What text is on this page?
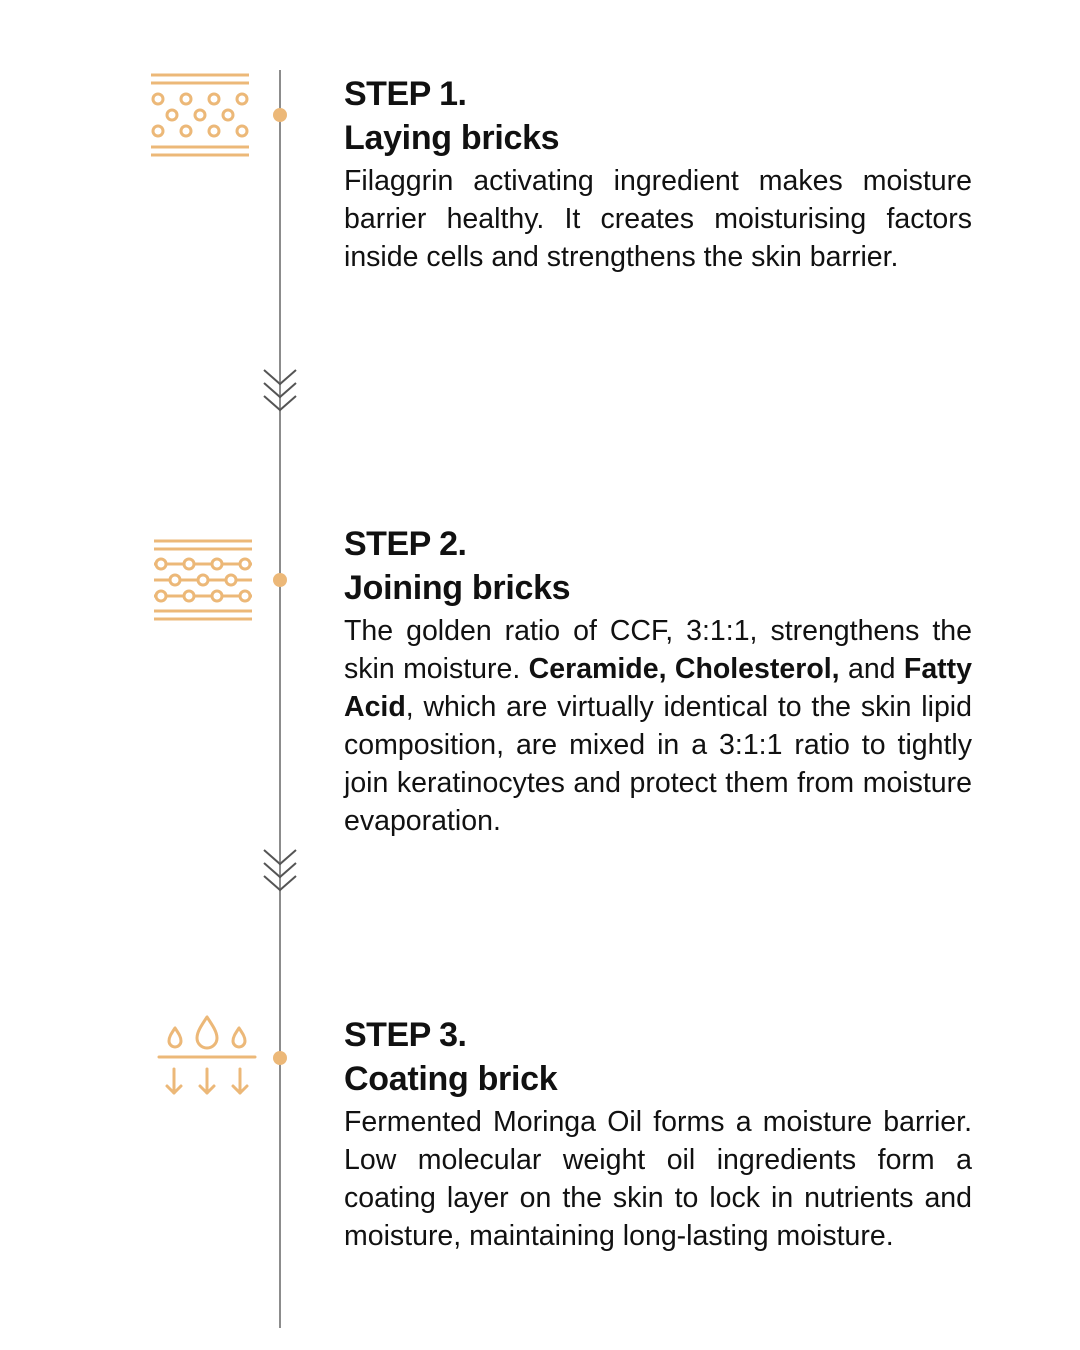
STEP 1.
Laying bricks
Filaggrin activating ingredient makes moisture barrier healthy. It creates moisturising factors inside cells and strengthens the skin barrier.
STEP 2.
Joining bricks
The golden ratio of CCF, 3:1:1, strengthens the skin moisture. Ceramide, Cholesterol, and Fatty Acid, which are virtually identical to the skin lipid composition, are mixed in a 3:1:1 ratio to tightly join keratinocytes and protect them from moisture evaporation.
STEP 3.
Coating brick
Fermented Moringa Oil forms a moisture barrier. Low molecular weight oil ingredients form a coating layer on the skin to lock in nutrients and moisture, maintaining long-lasting moisture.
